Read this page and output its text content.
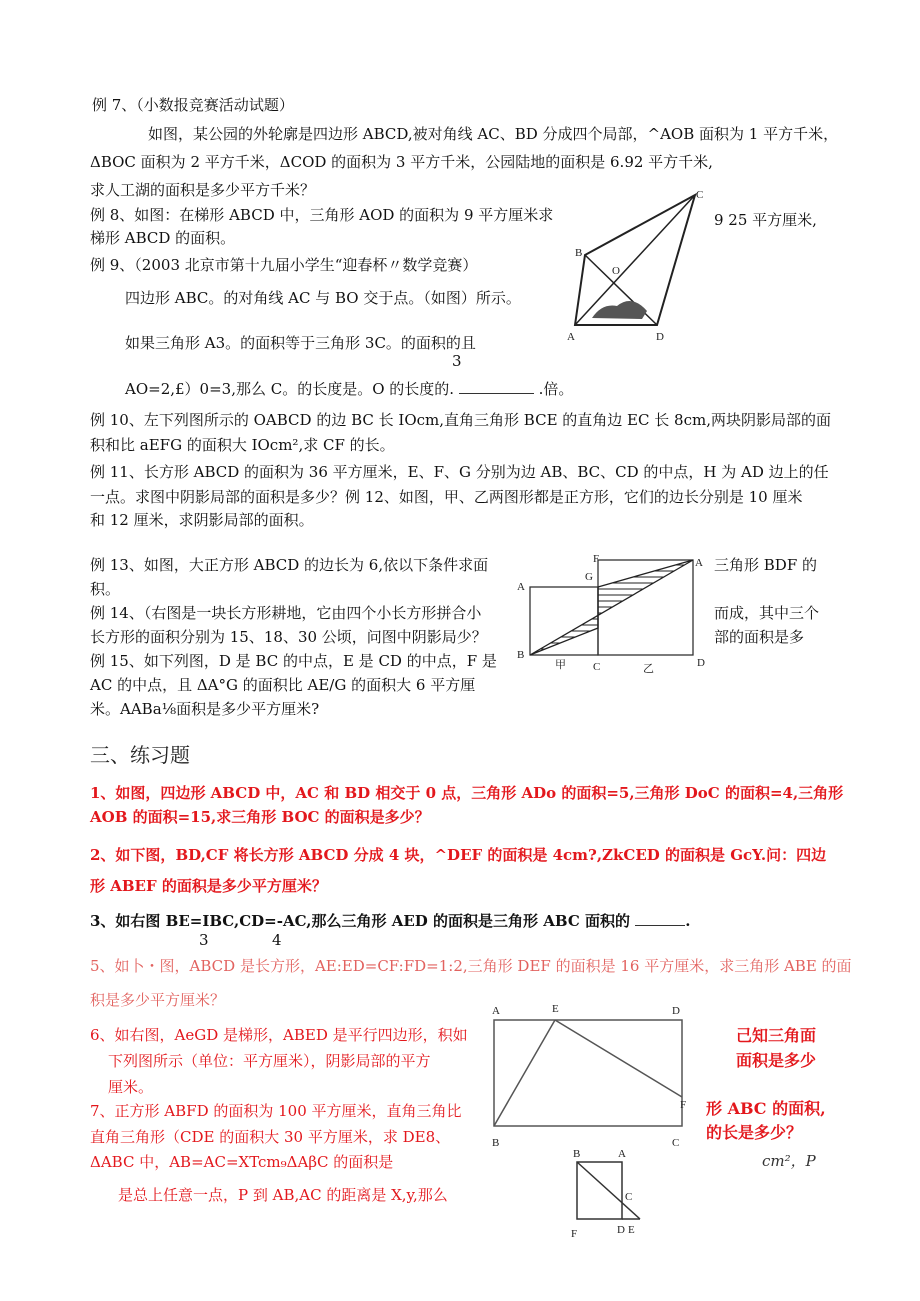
例 7、（小数报竞赛活动试题）
如图，某公园的外轮廓是四边形 ABCD,被对角线 AC、BD 分成四个局部，^AOB 面积为 1 平方千米，
ΔBOC 面积为 2 平方千米，ΔCOD 的面积为 3 平方千米，公园陆地的面积是 6.92 平方千米,
求人工湖的面积是多少平方千米？
例 8、如图：在梯形 ABCD 中，三角形 AOD 的面积为 9 平方厘米求	9 25 平方厘米,
梯形 ABCD 的面积。
例 9、（2003 北京市第十九届小学生“迎春杯〃数学竞赛）
四边形 ABC。的对角线 AC 与 BO 交于点。（如图）所示。
如果三角形 A3。的面积等于三角形 3C。的面积的且
3
AO=2,£）0=3,那么 C。的长度是。O 的长度的.	.倍。
A
B
C
D
O
例 10、左下列图所示的 OABCD 的边 BC 长 IOcm,直角三角形 BCE 的直角边 EC 长 8cm,两块阴影局部的面
积和比 aEFG 的面积大 IOcm²,求 CF 的长。
例 11、长方形 ABCD 的面积为 36 平方厘米，E、F、G 分别为边 AB、BC、CD 的中点，H 为 AD 边上的任
一点。求图中阴影局部的面积是多少？例 12、如图，甲、乙两图形都是正方形，它们的边长分别是 10 厘米
和 12 厘米，求阴影局部的面积。
例 13、如图，大正方形 ABCD 的边长为 6,依以下条件求面
积。
三角形 BDF 的
例 14、（右图是一块长方形耕地，它由四个小长方形拼合小
长方形的面积分别为 15、18、30 公顷，问图中阴影局少？
而成，其中三个
部的面积是多
例 15、如下列图，D 是 BC 的中点，E 是 CD 的中点，F 是
AC 的中点，且 ΔA°G 的面积比 AE/G 的面积大 6 平方厘
米。AABa⅛面积是多少平方厘米?
F
G
A
A
B
C	D
甲	乙
三、练习题
1、如图，四边形 ABCD 中，AC 和 BD 相交于 0 点，三角形 ADo 的面积=5,三角形 DoC 的面积=4,三角形
AOB 的面积=15,求三角形 BOC 的面积是多少？
2、如下图，BD,CF 将长方形 ABCD 分成 4 块，^DEF 的面积是 4cm?,ZkCED 的面积是 GcY.问：四边
形 ABEF 的面积是多少平方厘米？
3、如右图 BE=IBC,CD=-AC,那么三角形 AED 的面积是三角形 ABC 面积的	.
3	4
5、如卜・图，ABCD 是长方形，AE:ED=CF:FD=1:2,三角形 DEF 的面积是 16 平方厘米，求三角形 ABE 的面
积是多少平方厘米？
6、如右图，AeGD 是梯形，ABED 是平行四边形，积如
下列图所示（单位：平方厘米），阴影局部的平方
厘米。
7、正方形 ABFD 的面积为 100 平方厘米，直角三角比
直角三角形（CDE 的面积大 30 平方厘米，求 DE8、
ΔABC 中，AB=AC=XTcm₉ΔAβC 的面积是
是总上任意一点，P 到 AB,AC 的距离是 X,y,那么
己知三角面
面积是多少
形 ABC 的面积,
的长是多少？
cm²，P
A	E	D
F
B	C
B	A
C
F	D E
